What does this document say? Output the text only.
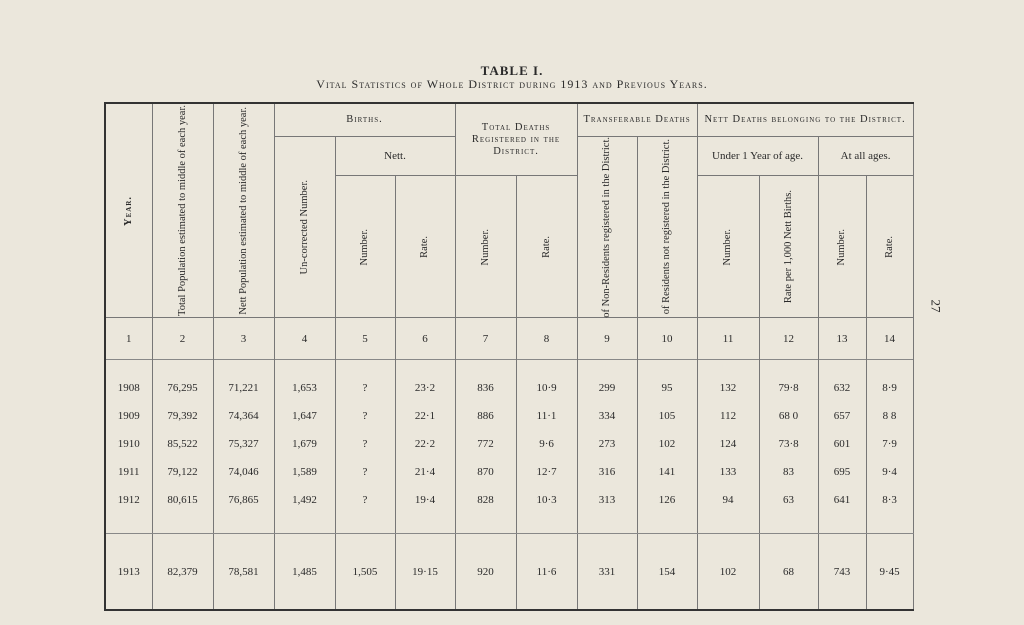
TABLE I.
Vital Statistics of Whole District during 1913 and Previous Years.
27
Year.	Total Population estimated to middle of each year.	Nett Population estimated to middle of each year.	Births.			Total Deaths Registered in the District.		Transferable Deaths		Nett Deaths belonging to the District.			

			Un-corrected Number.	Nett.				of Non-Residents registered in the District.	of Residents not registered in the District.	Under 1 Year of age.		At all ages.	

				Number.	Rate.	Number.	Rate.			Number.	Rate per 1,000 Nett Births.	Number.	Rate.

1	2	3	4	5	6	7	8	9	10	11	12	13	14

1908	76,295	71,221	1,653	?	23·2	836	10·9	299	95	132	79·8	632	8·9
1909	79,392	74,364	1,647	?	22·1	886	11·1	334	105	112	68 0	657	8 8
1910	85,522	75,327	1,679	?	22·2	772	9·6	273	102	124	73·8	601	7·9
1911	79,122	74,046	1,589	?	21·4	870	12·7	316	141	133	83	695	9·4
1912	80,615	76,865	1,492	?	19·4	828	10·3	313	126	94	63	641	8·3

1913	82,379	78,581	1,485	1,505	19·15	920	11·6	331	154	102	68	743	9·45
